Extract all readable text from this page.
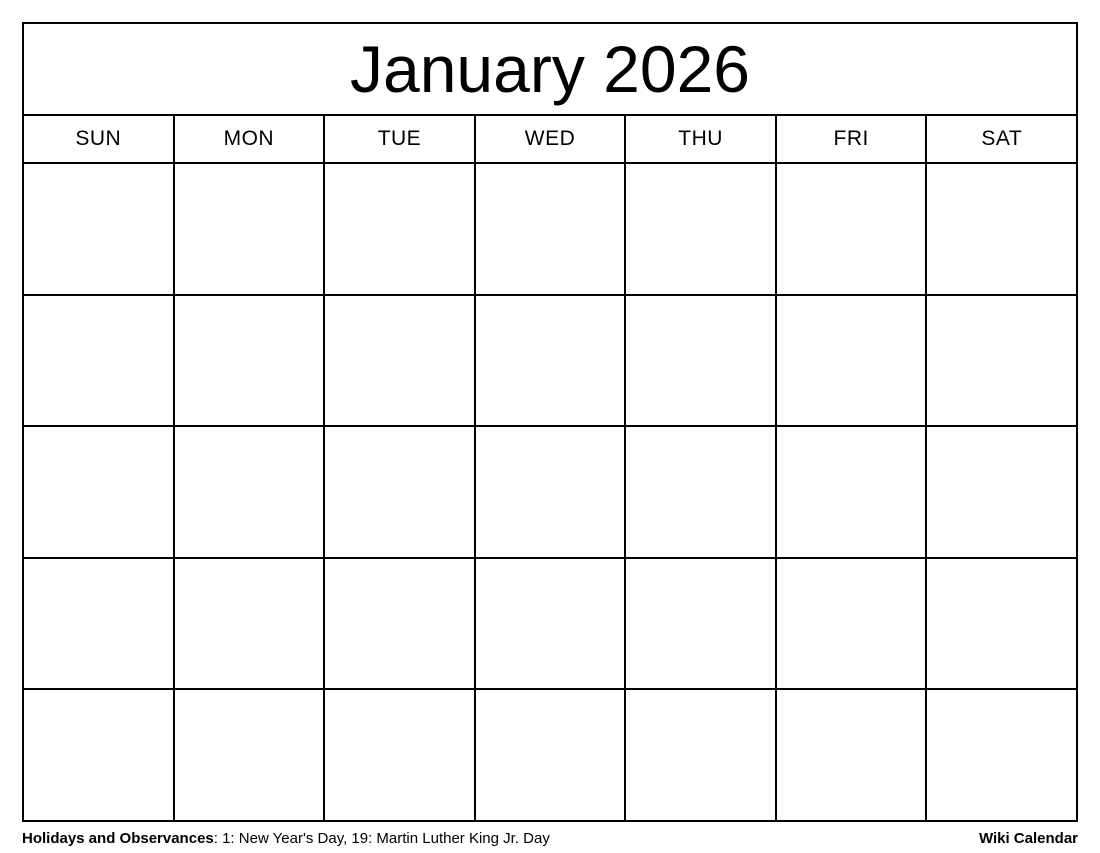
January 2026
SUN	MON	TUE	WED	THU	FRI	SAT
Holidays and Observances: 1: New Year's Day, 19: Martin Luther King Jr. Day	Wiki Calendar
